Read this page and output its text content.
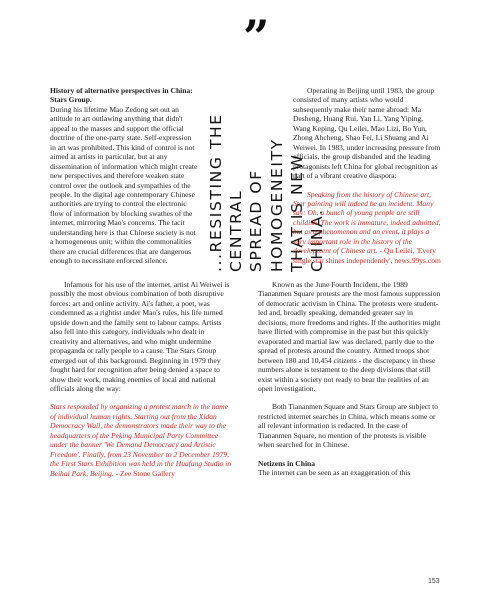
”

History of alternative perspectives in China: Stars Group.

During his lifetime Mao Zedong set out an attitude to art outlawing anything that didn't appeal to the masses and support the official doctrine of the one-party state. Self-expression in art was prohibited. This kind of control is not aimed at artists in particular, but at any dissemination of information which might create new perspectives and therefore weaken state control over the outlook and sympathies of the people. In the digital age contemporary Chinese authorities are trying to control the electronic flow of information by blocking swathes of the internet, mirroring Mao's concerns. The tacit understanding here is that Chinese society is not a homogeneous unit; within the commonalities there are crucial differences that are dangerous enough to necessitate enforced silence.	...RESISTING THE CENTRAL SPREAD OF HOMOGENEITY THAT IS NEW CHINA.

Operating in Beijing until 1983, the group consisted of many artists who would subsequently make their name abroad: Ma Desheng, Huang Rui, Yan Li, Yang Yiping, Wang Keping, Qu Leilei, Mao Lizi, Bo Yun, Zhong Ahcheng, Shao Fei, Li Shuang and Ai Weiwei. In 1983, under increasing pressure from officials, the group disbanded and the leading protagonists left China for global recognition as part of a vibrant creative diaspora:

Speaking from the history of Chinese art, Star painting will indeed be an incident. Many say: Oh, a bunch of young people are still childish. The work is immature, indeed admitted, but as a phenomenon and an event, it plays a very important role in the history of the development of Chinese art. - Qu Leilei, 'Every single star shines independently', news.99ys.com

Infamous for his use of the internet, artist Ai Weiwei is possibly the most obvious combination of both disruptive forces: art and online activity. Ai's father, a poet, was condemned as a rightist under Mao's rules, his life turned upside down and the family sent to labour camps. Artists also fell into this category, individuals who dealt in creativity and alternatives, and who might undermine propaganda or rally people to a cause. The Stars Group emerged out of this background. Beginning in 1979 they fought hard for recognition after being denied a space to show their work, making enemies of local and national officials along the way:

Stars responded by organizing a protest march in the name of individual human rights. Starting out from the Xidan Democracy Wall, the demonstrators made their way to the headquarters of the Peking Municipal Party Committee under the banner 'We Demand Democracy and Artistic Freedom'. Finally, from 23 November to 2 December 1979, the First Stars Exhibition was held in the Huafang Studio in Beihai Park, Beijing. - Zee Stone Gallery

Known as the June Fourth Incident, the 1989 Tiananmen Square protests are the most famous suppression of democratic activism in China. The protests were student-led and, broadly speaking, demanded greater say in decisions, more freedoms and rights. If the authorities might have flirted with compromise in the past but this quickly evaporated and martial law was declared, partly due to the spread of protests around the country. Armed troops shot between 180 and 10,454 citizens - the discrepancy in these numbers alone is testament to the deep divisions that still exist within a society not ready to bear the realities of an open investigation.

Both Tiananmen Square and Stars Group are subject to restricted internet searches in China, which means some or all relevant information is redacted. In the case of Tiananmen Square, no mention of the protests is visible when searched for in Chinese.

Netizens in China

The internet can be seen as an exaggeration of this

153
